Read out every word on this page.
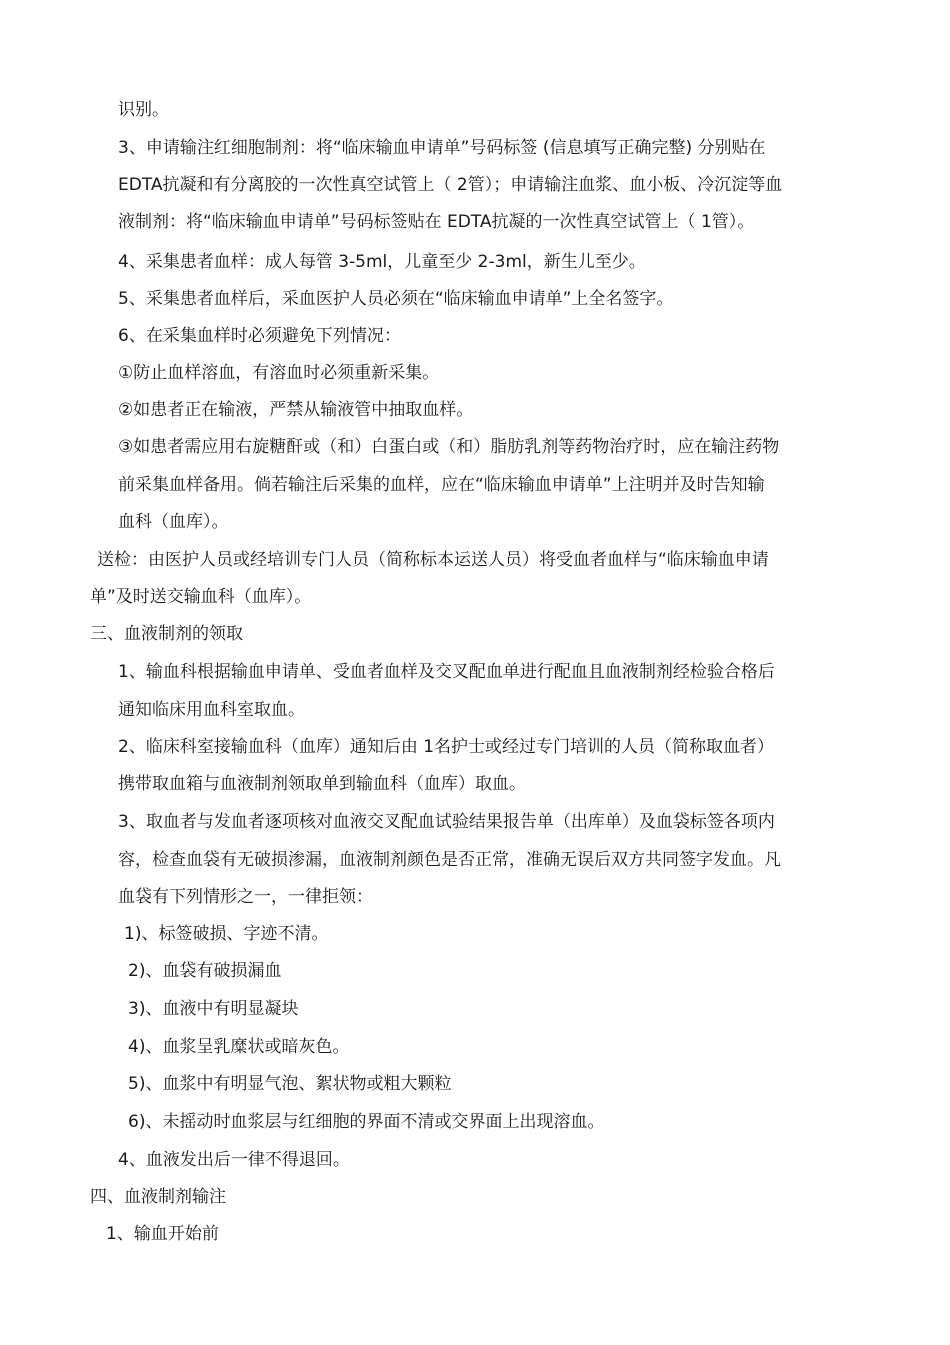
识别。
3、申请输注红细胞制剂：将“临床输血申请单”号码标签 (信息填写正确完整) 分别贴在
EDTA抗凝和有分离胶的一次性真空试管上（ 2管）；申请输注血浆、血小板、冷沉淀等血
液制剂：将“临床输血申请单”号码标签贴在 EDTA抗凝的一次性真空试管上（ 1管）。
4、采集患者血样：成人每管 3-5ml，儿童至少 2-3ml，新生儿至少。
5、采集患者血样后，采血医护人员必须在“临床输血申请单”上全名签字。
6、在采集血样时必须避免下列情况：
①防止血样溶血，有溶血时必须重新采集。
②如患者正在输液，严禁从输液管中抽取血样。
③如患者需应用右旋糖酐或（和）白蛋白或（和）脂肪乳剂等药物治疗时，应在输注药物
前采集血样备用。倘若输注后采集的血样，应在“临床输血申请单”上注明并及时告知输
血科（血库）。
送检：由医护人员或经培训专门人员（简称标本运送人员）将受血者血样与“临床输血申请
单”及时送交输血科（血库）。
三、血液制剂的领取
1、输血科根据输血申请单、受血者血样及交叉配血单进行配血且血液制剂经检验合格后
通知临床用血科室取血。
2、临床科室接输血科（血库）通知后由 1名护士或经过专门培训的人员（简称取血者）
携带取血箱与血液制剂领取单到输血科（血库）取血。
3、取血者与发血者逐项核对血液交叉配血试验结果报告单（出库单）及血袋标签各项内
容，检查血袋有无破损渗漏，血液制剂颜色是否正常，准确无误后双方共同签字发血。凡
血袋有下列情形之一，一律拒领：
1)、标签破损、字迹不清。
2)、血袋有破损漏血
3)、血液中有明显凝块
4)、血浆呈乳糜状或暗灰色。
5)、血浆中有明显气泡、絮状物或粗大颗粒
6)、未摇动时血浆层与红细胞的界面不清或交界面上出现溶血。
4、血液发出后一律不得退回。
四、血液制剂输注
1、输血开始前
